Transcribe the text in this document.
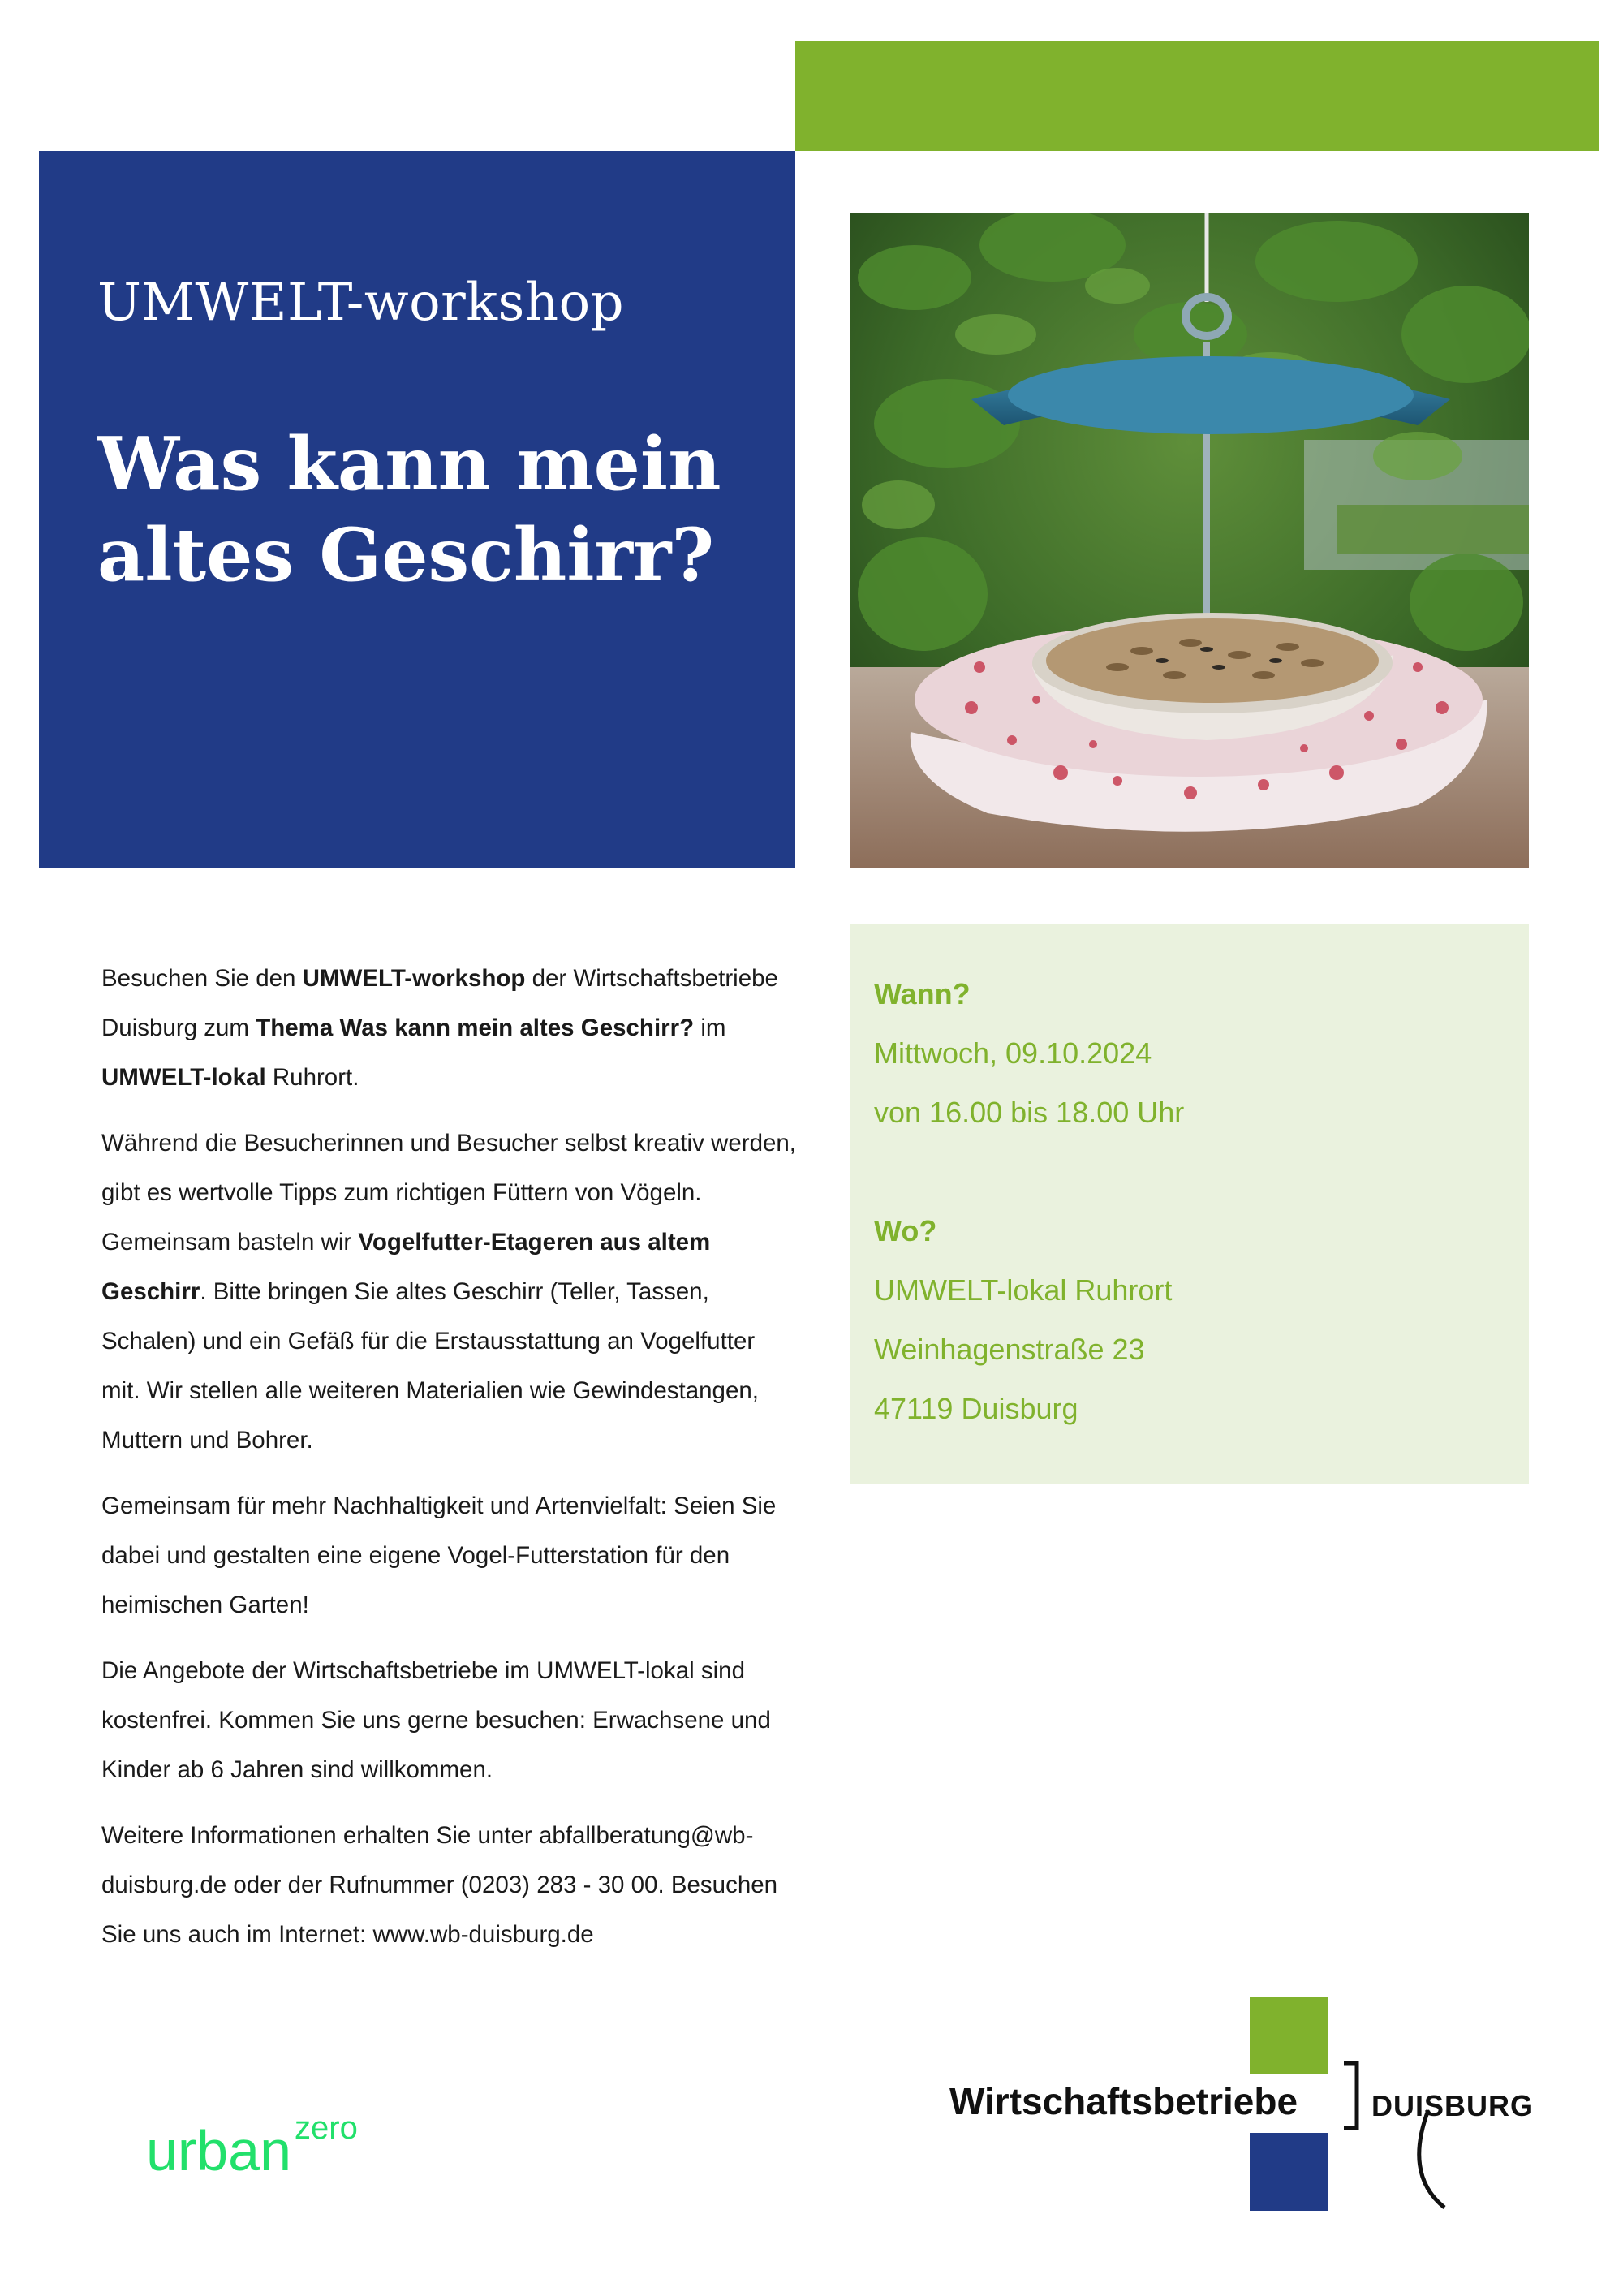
UMWELT-workshop
Was kann mein altes Geschirr?

Besuchen Sie den UMWELT-workshop der Wirtschaftsbetriebe Duisburg zum Thema Was kann mein altes Geschirr? im UMWELT-lokal Ruhrort.

Während die Besucherinnen und Besucher selbst kreativ werden, gibt es wertvolle Tipps zum richtigen Füttern von Vögeln. Gemeinsam basteln wir Vogelfutter-Etageren aus altem Geschirr. Bitte bringen Sie altes Geschirr (Teller, Tassen, Schalen) und ein Gefäß für die Erstausstattung an Vogelfutter mit. Wir stellen alle weiteren Materialien wie Gewindestangen, Muttern und Bohrer.

Gemeinsam für mehr Nachhaltigkeit und Artenvielfalt: Seien Sie dabei und gestalten eine eigene Vogel-Futterstation für den heimischen Garten!

Die Angebote der Wirtschaftsbetriebe im UMWELT-lokal sind kostenfrei. Kommen Sie uns gerne besuchen: Erwachsene und Kinder ab 6 Jahren sind willkommen.

Weitere Informationen erhalten Sie unter abfallberatung@wb-duisburg.de oder der Rufnummer (0203) 283 - 30 00. Besuchen Sie uns auch im Internet: www.wb-duisburg.de

Wann?
Mittwoch, 09.10.2024
von 16.00 bis 18.00 Uhr
Wo?
UMWELT-lokal Ruhrort
Weinhagenstraße 23
47119 Duisburg
urban $^{zero}$
Wirtschaftsbetriebe	DUISBURG
